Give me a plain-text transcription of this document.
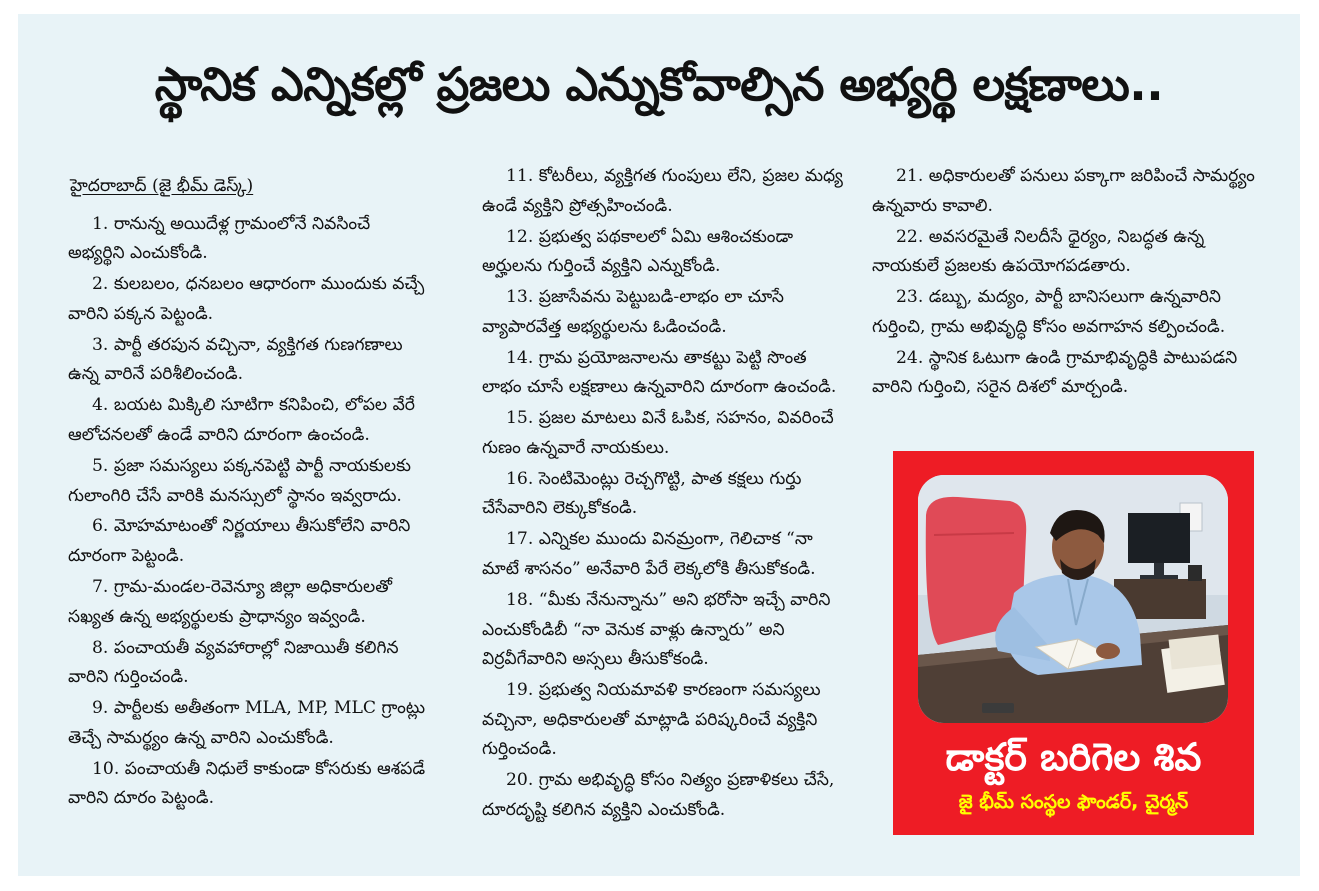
స్థానిక ఎన్నికల్లో ప్రజలు ఎన్నుకోవాల్సిన అభ్యర్థి లక్షణాలు..
హైదరాబాద్ (జై భీమ్ డెస్క్)

1. రానున్న అయిదేళ్ల గ్రామంలోనే నివసించే అభ్యర్థిని ఎంచుకోండి.

2. కులబలం, ధనబలం ఆధారంగా ముందుకు వచ్చే వారిని పక్కన పెట్టండి.

3. పార్టీ తరపున వచ్చినా, వ్యక్తిగత గుణగణాలు ఉన్న వారినే పరిశీలించండి.

4. బయట మిక్కిలి సూటిగా కనిపించి, లోపల వేరే ఆలోచనలతో ఉండే వారిని దూరంగా ఉంచండి.

5. ప్రజా సమస్యలు పక్కనపెట్టి పార్టీ నాయకులకు గులాంగిరి చేసే వారికి మనస్సులో స్థానం ఇవ్వరాదు.

6. మోహమాటంతో నిర్ణయాలు తీసుకోలేని వారిని దూరంగా పెట్టండి.

7. గ్రామ-మండల-రెవెన్యూ జిల్లా అధికారులతో సఖ్యత ఉన్న అభ్యర్థులకు ప్రాధాన్యం ఇవ్వండి.

8. పంచాయతీ వ్యవహారాల్లో నిజాయితీ కలిగిన వారిని గుర్తించండి.

9. పార్టీలకు అతీతంగా MLA, MP, MLC గ్రాంట్లు తెచ్చే సామర్థ్యం ఉన్న వారిని ఎంచుకోండి.

10. పంచాయతీ నిధులే కాకుండా కోసరుకు ఆశపడే వారిని దూరం పెట్టండి.

11. కోటరీలు, వ్యక్తిగత గుంపులు లేని, ప్రజల మధ్య ఉండే వ్యక్తిని ప్రోత్సహించండి.

12. ప్రభుత్వ పథకాలలో ఏమి ఆశించకుండా అర్హులను గుర్తించే వ్యక్తిని ఎన్నుకోండి.

13. ప్రజాసేవను పెట్టుబడి-లాభం లా చూసే వ్యాపారవేత్త అభ్యర్థులను ఓడించండి.

14. గ్రామ ప్రయోజనాలను తాకట్టు పెట్టి సొంత లాభం చూసే లక్షణాలు ఉన్నవారిని దూరంగా ఉంచండి.

15. ప్రజల మాటలు వినే ఓపిక, సహనం, వివరించే గుణం ఉన్నవారే నాయకులు.

16. సెంటిమెంట్లు రెచ్చగొట్టి, పాత కక్షలు గుర్తు చేసేవారిని లెక్కుకోకండి.

17. ఎన్నికల ముందు వినమ్రంగా, గెలిచాక “నా మాటే శాసనం” అనేవారి పేరే లెక్కలోకి తీసుకోకండి.

18. “మీకు నేనున్నాను” అని భరోసా ఇచ్చే వారిని ఎంచుకోండిబీ “నా వెనుక వాళ్లు ఉన్నారు” అని విర్రవీగేవారిని అస్సలు తీసుకోకండి.

19. ప్రభుత్వ నియమావళి కారణంగా సమస్యలు వచ్చినా, అధికారులతో మాట్లాడి పరిష్కరించే వ్యక్తిని గుర్తించండి.

20. గ్రామ అభివృద్ధి కోసం నిత్యం ప్రణాళికలు చేసే, దూరదృష్టి కలిగిన వ్యక్తిని ఎంచుకోండి.

21. అధికారులతో పనులు పక్కాగా జరిపించే సామర్థ్యం ఉన్నవారు కావాలి.

22. అవసరమైతే నిలదీసే ధైర్యం, నిబద్ధత ఉన్న నాయకులే ప్రజలకు ఉపయోగపడతారు.

23. డబ్బు, మద్యం, పార్టీ బానిసలుగా ఉన్నవారిని గుర్తించి, గ్రామ అభివృద్ధి కోసం అవగాహన కల్పించండి.

24. స్థానిక ఓటుగా ఉండి గ్రామాభివృద్ధికి పాటుపడని వారిని గుర్తించి, సరైన దిశలో మార్చండి.

డాక్టర్ బరిగెల శివ
జై భీమ్ సంస్థల ఫౌండర్, చైర్మన్
